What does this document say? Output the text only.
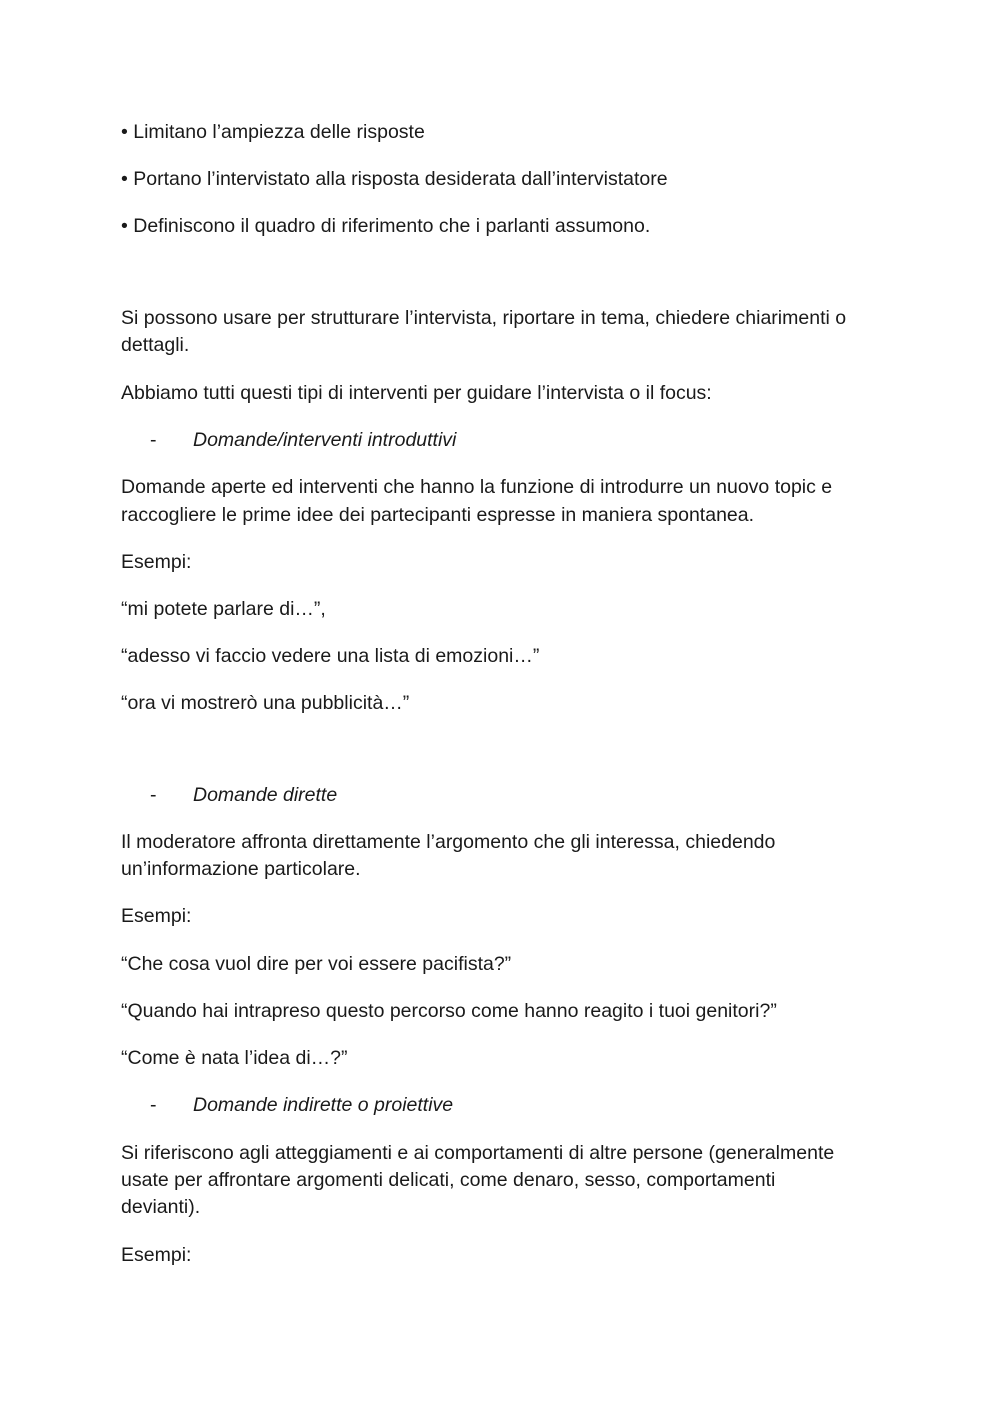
• Limitano l’ampiezza delle risposte

• Portano l’intervistato alla risposta desiderata dall’intervistatore

• Definiscono il quadro di riferimento che i parlanti assumono.

Si possono usare per strutturare l’intervista, riportare in tema, chiedere chiarimenti o

dettagli.

Abbiamo tutti questi tipi di interventi per guidare l’intervista o il focus:

- Domande/interventi introduttivi

Domande aperte ed interventi che hanno la funzione di introdurre un nuovo topic e

raccogliere le prime idee dei partecipanti espresse in maniera spontanea.

Esempi:

“mi potete parlare di…”,

“adesso vi faccio vedere una lista di emozioni…”

“ora vi mostrerò una pubblicità…”

- Domande dirette

Il moderatore affronta direttamente l’argomento che gli interessa, chiedendo

un’informazione particolare.

Esempi:

“Che cosa vuol dire per voi essere pacifista?”

“Quando hai intrapreso questo percorso come hanno reagito i tuoi genitori?”

“Come è nata l’idea di…?”

- Domande indirette o proiettive

Si riferiscono agli atteggiamenti e ai comportamenti di altre persone (generalmente

usate per affrontare argomenti delicati, come denaro, sesso, comportamenti

devianti).

Esempi:
